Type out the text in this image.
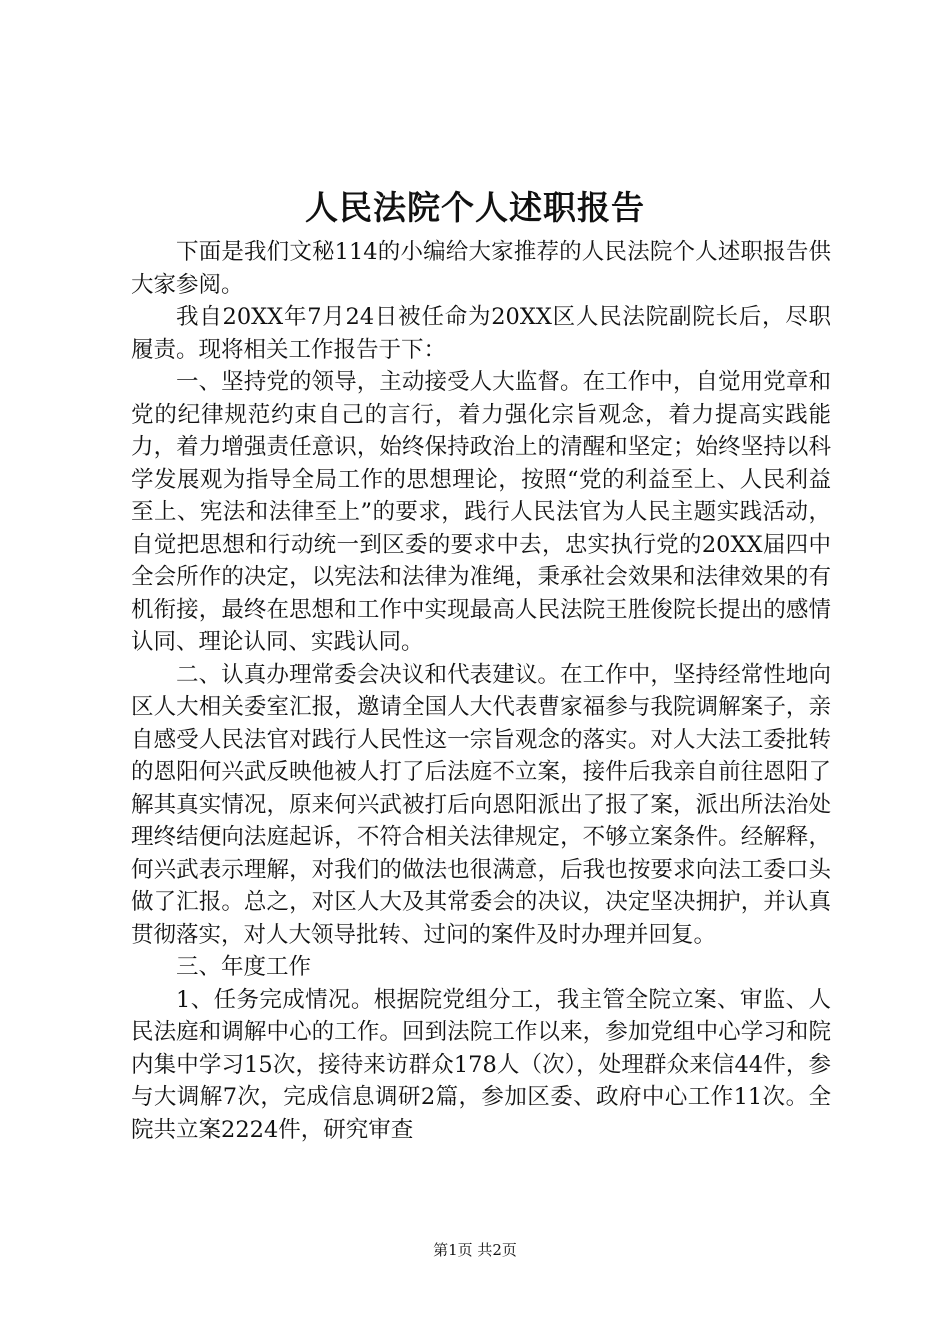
人民法院个人述职报告

下面是我们文秘114的小编给大家推荐的人民法院个人述职报告供大家参阅。

我自20XX年7月24日被任命为20XX区人民法院副院长后，尽职履责。现将相关工作报告于下：

一、坚持党的领导，主动接受人大监督。在工作中，自觉用党章和党的纪律规范约束自己的言行，着力强化宗旨观念，着力提高实践能力，着力增强责任意识，始终保持政治上的清醒和坚定；始终坚持以科学发展观为指导全局工作的思想理论，按照“党的利益至上、人民利益至上、宪法和法律至上”的要求，践行人民法官为人民主题实践活动，自觉把思想和行动统一到区委的要求中去，忠实执行党的20XX届四中全会所作的决定，以宪法和法律为准绳，秉承社会效果和法律效果的有机衔接，最终在思想和工作中实现最高人民法院王胜俊院长提出的感情认同、理论认同、实践认同。

二、认真办理常委会决议和代表建议。在工作中，坚持经常性地向区人大相关委室汇报，邀请全国人大代表曹家福参与我院调解案子，亲自感受人民法官对践行人民性这一宗旨观念的落实。对人大法工委批转的恩阳何兴武反映他被人打了后法庭不立案，接件后我亲自前往恩阳了解其真实情况，原来何兴武被打后向恩阳派出了报了案，派出所法治处理终结便向法庭起诉，不符合相关法律规定，不够立案条件。经解释，何兴武表示理解，对我们的做法也很满意，后我也按要求向法工委口头做了汇报。总之，对区人大及其常委会的决议，决定坚决拥护，并认真贯彻落实，对人大领导批转、过问的案件及时办理并回复。

三、年度工作

1、任务完成情况。根据院党组分工，我主管全院立案、审监、人民法庭和调解中心的工作。回到法院工作以来，参加党组中心学习和院内集中学习15次，接待来访群众178人（次），处理群众来信44件，参与大调解7次，完成信息调研2篇，参加区委、政府中心工作11次。全院共立案2224件，研究审查

第1页 共2页
